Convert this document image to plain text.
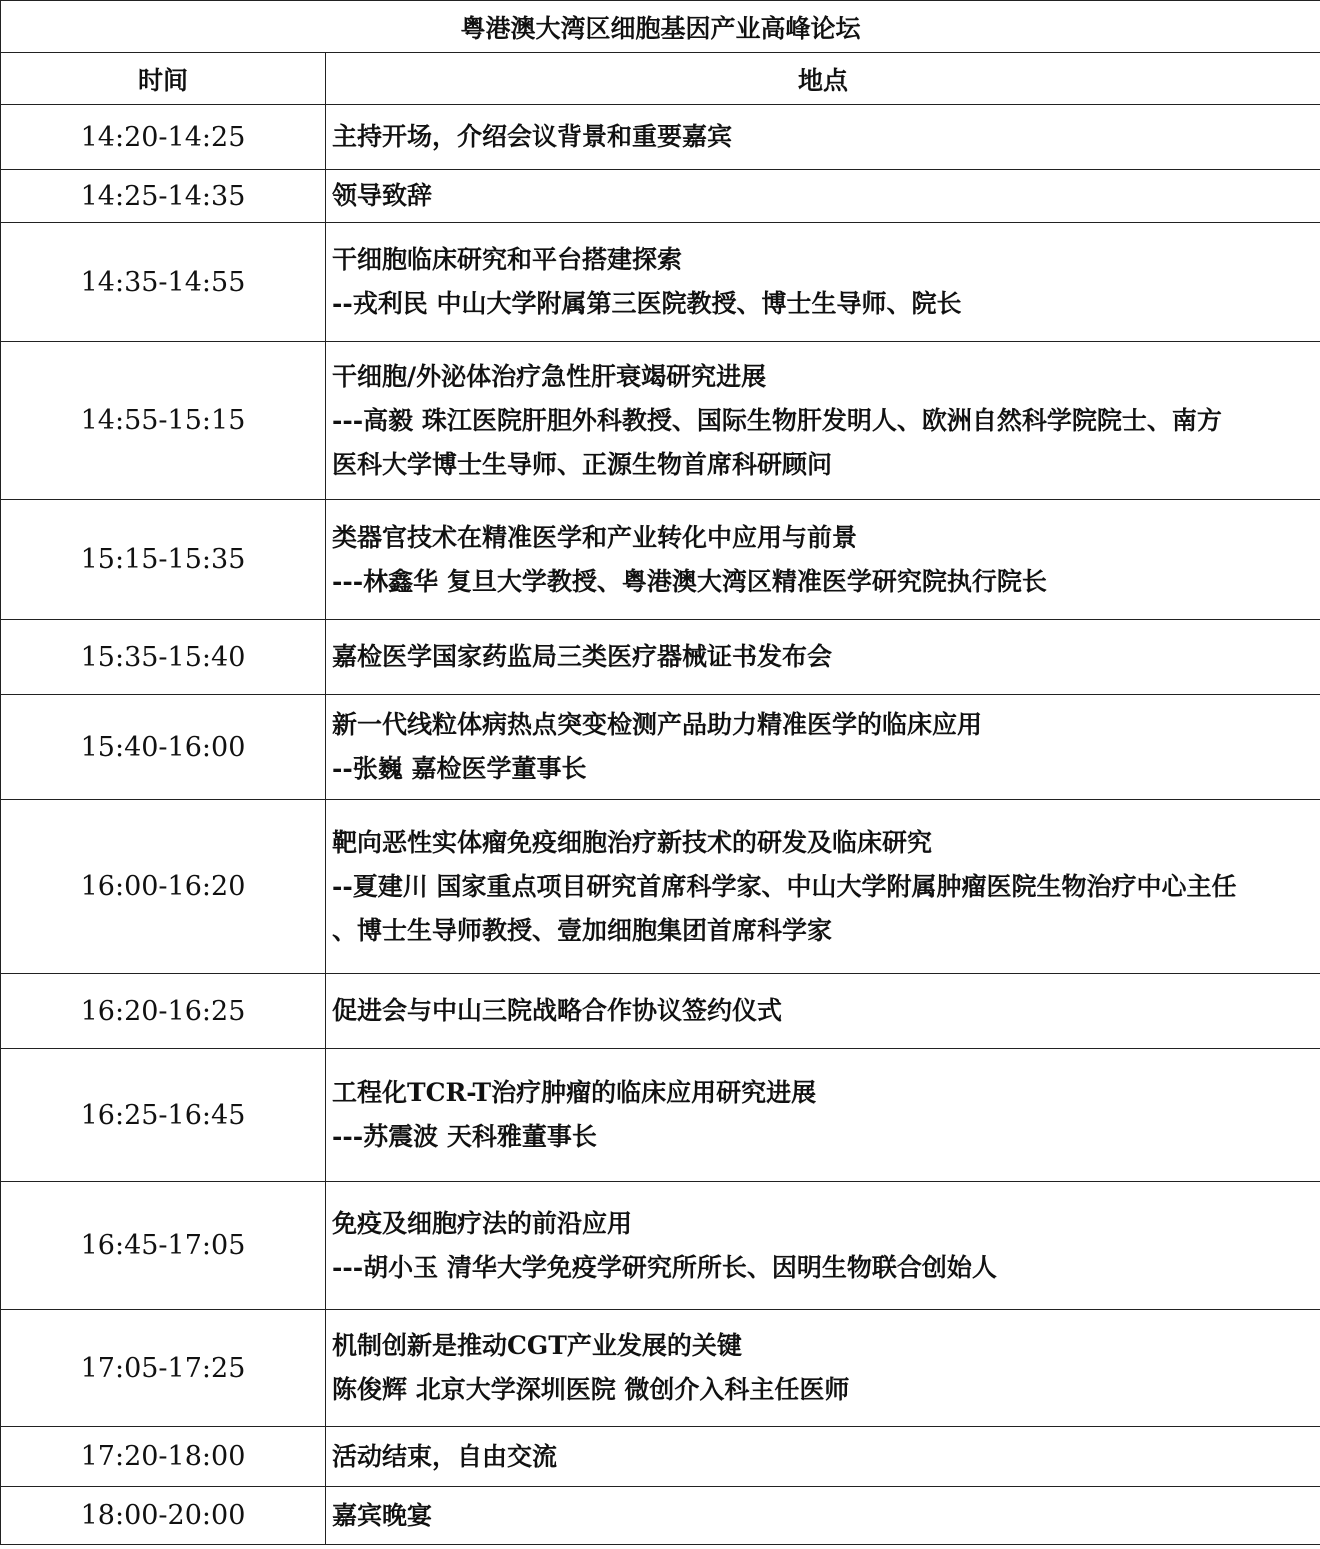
粤港澳大湾区细胞基因产业高峰论坛	
时间	地点
14:20-14:25	主持开场，介绍会议背景和重要嘉宾

14:25-14:35	领导致辞

14:35-14:55	干细胞临床研究和平台搭建探索
--戎利民 中山大学附属第三医院教授、博士生导师、院长

14:55-15:15	干细胞/外泌体治疗急性肝衰竭研究进展
---高毅 珠江医院肝胆外科教授、国际生物肝发明人、欧洲自然科学院院士、南方
医科大学博士生导师、正源生物首席科研顾问

15:15-15:35	类器官技术在精准医学和产业转化中应用与前景
---林鑫华 复旦大学教授、粤港澳大湾区精准医学研究院执行院长

15:35-15:40	嘉检医学国家药监局三类医疗器械证书发布会

15:40-16:00	新一代线粒体病热点突变检测产品助力精准医学的临床应用
--张巍 嘉检医学董事长

16:00-16:20	靶向恶性实体瘤免疫细胞治疗新技术的研发及临床研究
--夏建川 国家重点项目研究首席科学家、中山大学附属肿瘤医院生物治疗中心主任
、博士生导师教授、壹加细胞集团首席科学家

16:20-16:25	促进会与中山三院战略合作协议签约仪式

16:25-16:45	工程化TCR-T治疗肿瘤的临床应用研究进展
---苏震波 天科雅董事长

16:45-17:05	免疫及细胞疗法的前沿应用
---胡小玉 清华大学免疫学研究所所长、因明生物联合创始人

17:05-17:25	机制创新是推动CGT产业发展的关键
陈俊辉 北京大学深圳医院 微创介入科主任医师

17:20-18:00	活动结束，自由交流

18:00-20:00	嘉宾晚宴
